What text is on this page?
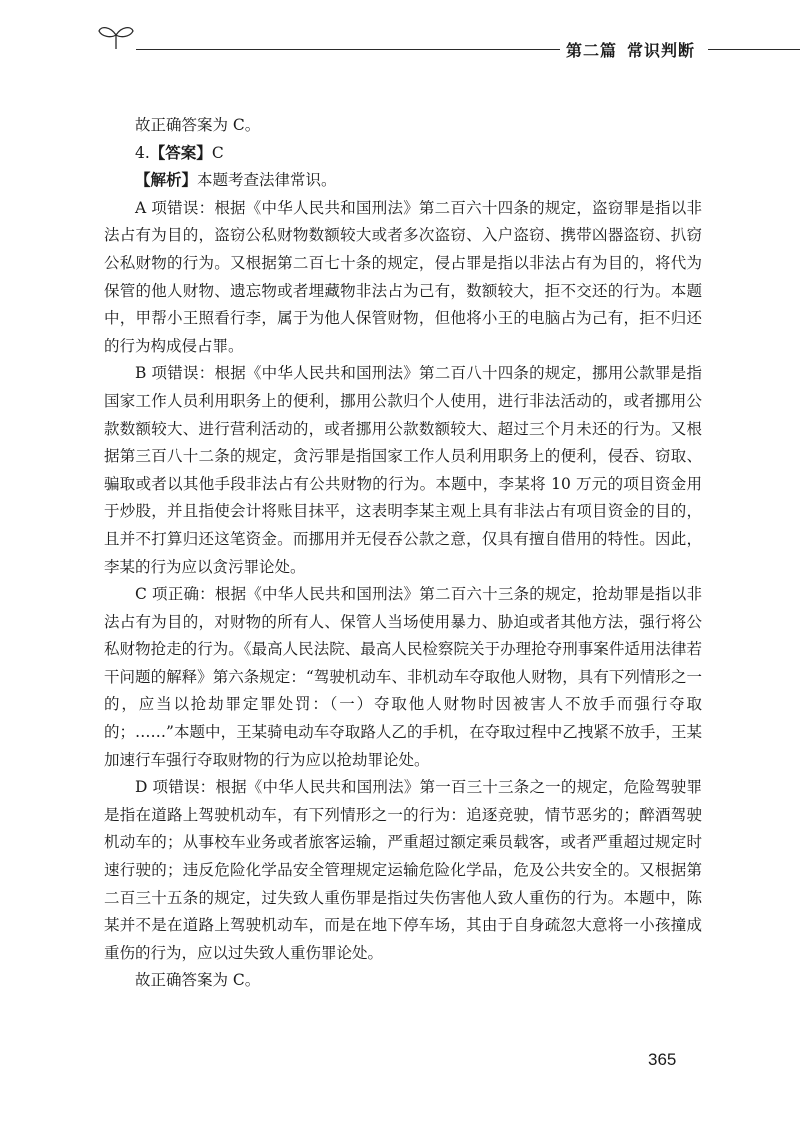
第二篇 常识判断

故正确答案为 C。

4.【答案】C

【解析】本题考查法律常识。

A 项错误：根据《中华人民共和国刑法》第二百六十四条的规定，盗窃罪是指以非法占有为目的，盗窃公私财物数额较大或者多次盗窃、入户盗窃、携带凶器盗窃、扒窃公私财物的行为。又根据第二百七十条的规定，侵占罪是指以非法占有为目的，将代为保管的他人财物、遗忘物或者埋藏物非法占为己有，数额较大，拒不交还的行为。本题中，甲帮小王照看行李，属于为他人保管财物，但他将小王的电脑占为己有，拒不归还的行为构成侵占罪。

B 项错误：根据《中华人民共和国刑法》第二百八十四条的规定，挪用公款罪是指国家工作人员利用职务上的便利，挪用公款归个人使用，进行非法活动的，或者挪用公款数额较大、进行营利活动的，或者挪用公款数额较大、超过三个月未还的行为。又根据第三百八十二条的规定，贪污罪是指国家工作人员利用职务上的便利，侵吞、窃取、骗取或者以其他手段非法占有公共财物的行为。本题中，李某将 10 万元的项目资金用于炒股，并且指使会计将账目抹平，这表明李某主观上具有非法占有项目资金的目的，且并不打算归还这笔资金。而挪用并无侵吞公款之意，仅具有擅自借用的特性。因此，李某的行为应以贪污罪论处。

C 项正确：根据《中华人民共和国刑法》第二百六十三条的规定，抢劫罪是指以非法占有为目的，对财物的所有人、保管人当场使用暴力、胁迫或者其他方法，强行将公私财物抢走的行为。《最高人民法院、最高人民检察院关于办理抢夺刑事案件适用法律若干问题的解释》第六条规定：“驾驶机动车、非机动车夺取他人财物，具有下列情形之一的，应当以抢劫罪定罪处罚：（一）夺取他人财物时因被害人不放手而强行夺取的；……”本题中，王某骑电动车夺取路人乙的手机，在夺取过程中乙拽紧不放手，王某加速行车强行夺取财物的行为应以抢劫罪论处。

D 项错误：根据《中华人民共和国刑法》第一百三十三条之一的规定，危险驾驶罪是指在道路上驾驶机动车，有下列情形之一的行为：追逐竞驶，情节恶劣的；醉酒驾驶机动车的；从事校车业务或者旅客运输，严重超过额定乘员载客，或者严重超过规定时速行驶的；违反危险化学品安全管理规定运输危险化学品，危及公共安全的。又根据第二百三十五条的规定，过失致人重伤罪是指过失伤害他人致人重伤的行为。本题中，陈某并不是在道路上驾驶机动车，而是在地下停车场，其由于自身疏忽大意将一小孩撞成重伤的行为，应以过失致人重伤罪论处。

故正确答案为 C。

365
